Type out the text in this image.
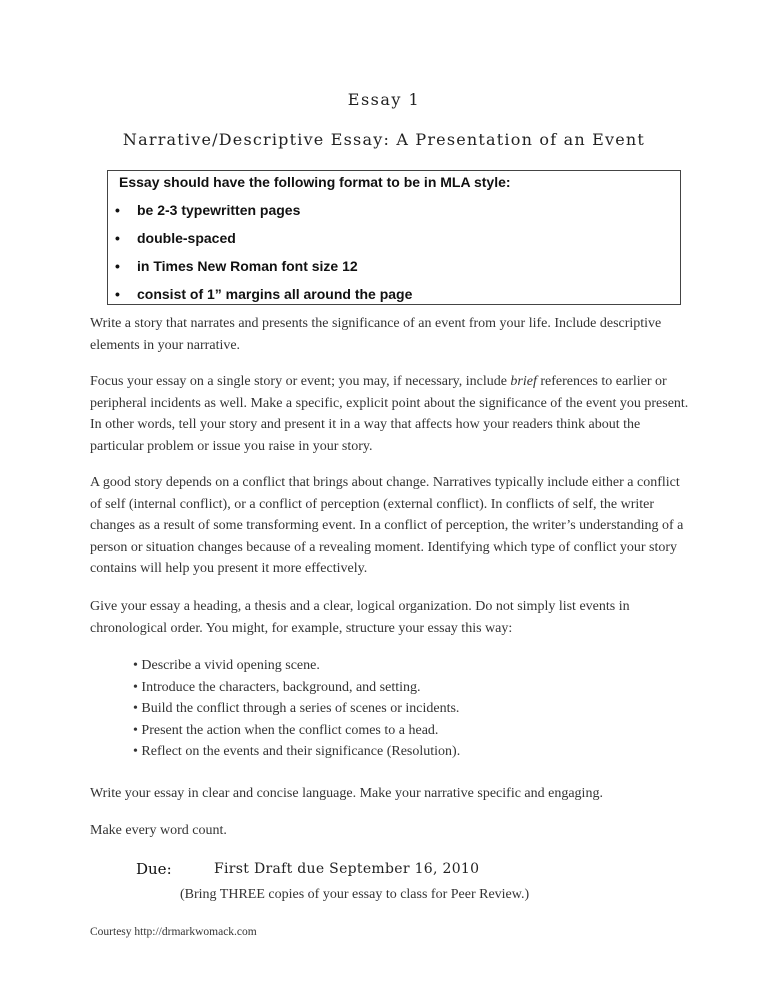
Essay 1
Narrative/Descriptive Essay: A Presentation of an Event
Essay should have the following format to be in MLA style:
• be 2-3 typewritten pages
• double-spaced
• in Times New Roman font size 12
• consist of 1” margins all around the page

Write a story that narrates and presents the significance of an event from your life. Include descriptive elements in your narrative.

Focus your essay on a single story or event; you may, if necessary, include brief references to earlier or peripheral incidents as well. Make a specific, explicit point about the significance of the event you present. In other words, tell your story and present it in a way that affects how your readers think about the particular problem or issue you raise in your story.

A good story depends on a conflict that brings about change. Narratives typically include either a conflict of self (internal conflict), or a conflict of perception (external conflict). In conflicts of self, the writer changes as a result of some transforming event. In a conflict of perception, the writer’s understanding of a person or situation changes because of a revealing moment. Identifying which type of conflict your story contains will help you present it more effectively.

Give your essay a heading, a thesis and a clear, logical organization. Do not simply list events in chronological order. You might, for example, structure your essay this way:

• Describe a vivid opening scene.
• Introduce the characters, background, and setting.
• Build the conflict through a series of scenes or incidents.
• Present the action when the conflict comes to a head.
• Reflect on the events and their significance (Resolution).

Write your essay in clear and concise language. Make your narrative specific and engaging.

Make every word count.

Due:	First Draft due September 16, 2010
(Bring THREE copies of your essay to class for Peer Review.)
Courtesy http://drmarkwomack.com
